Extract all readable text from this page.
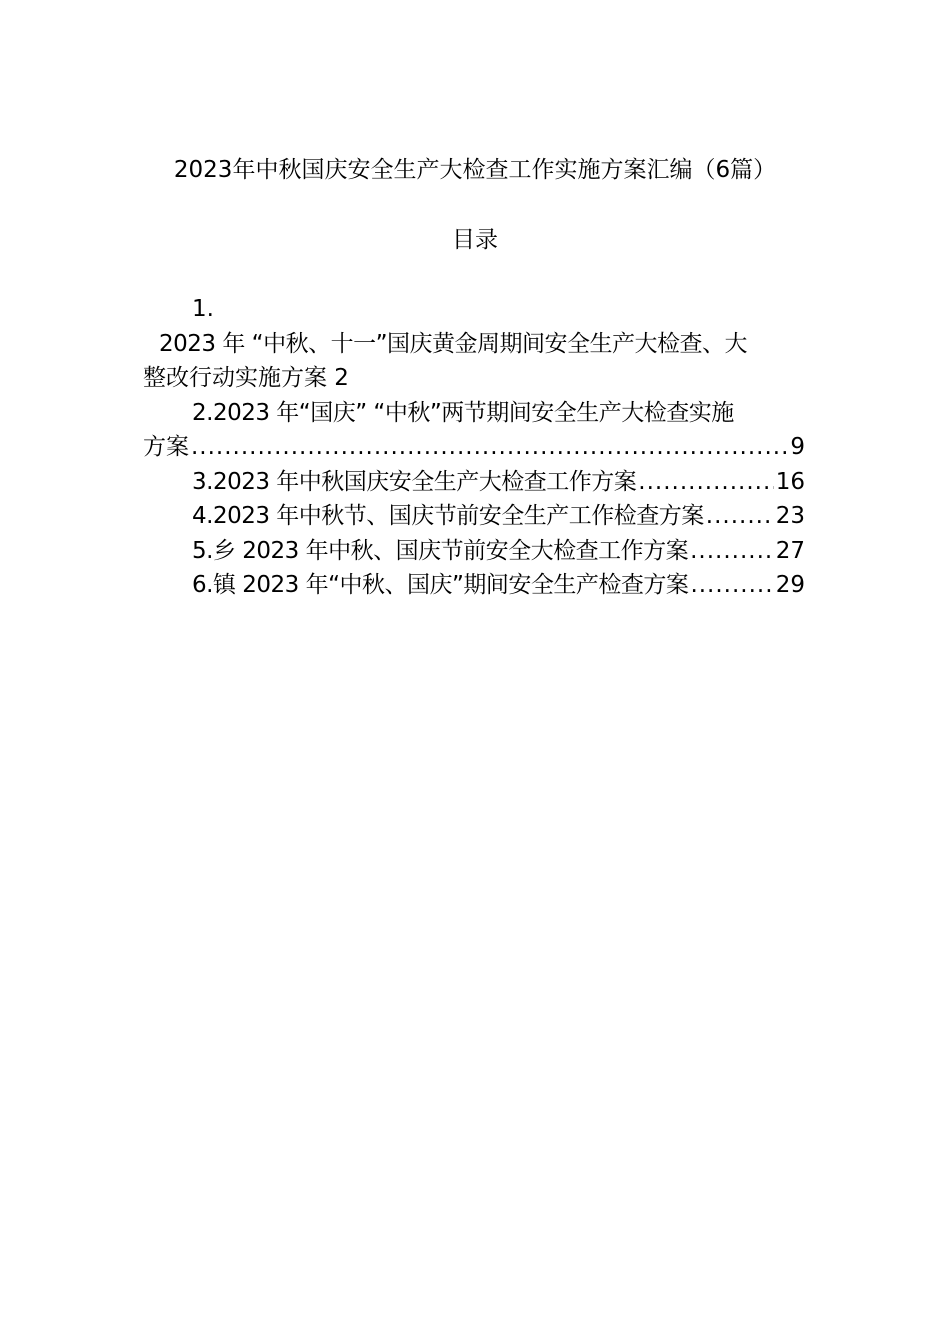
2023年中秋国庆安全生产大检查工作实施方案汇编（6篇）
目录
1.
2023 年 “中秋、十一”国庆黄金周期间安全生产大检查、大
整改行动实施方案 2
2.2023 年“国庆” “中秋”两节期间安全生产大检查实施
方案 .....	9
3.2023 年中秋国庆安全生产大检查工作方案 .....	16
4.2023 年中秋节、国庆节前安全生产工作检查方案 .....	23
5.乡 2023 年中秋、国庆节前安全大检查工作方案 .....	27
6.镇 2023 年“中秋、国庆”期间安全生产检查方案 .....	29
